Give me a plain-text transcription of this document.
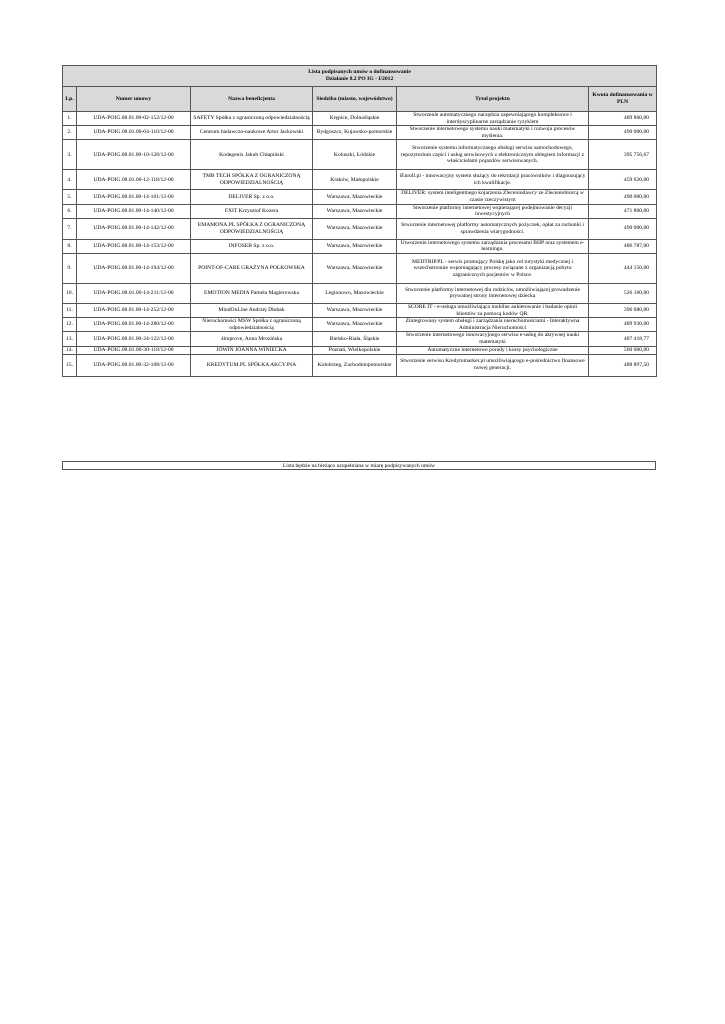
Lista podpisanych umów o dofinansowanie
Działanie 8.2 PO IG - I/2012					

Lp.	Numer umowy	Nazwa beneficjenta	Siedziba (miasto, województwo)	Tytuł projektu	Kwota dofinansowania w PLN
1.	UDA-POIG.08.01.00-02-152/12-00	SAFETY Spółka z ograniczoną odpowiedzialnością	Krępice, Dolnośląskie	Stworzenie automatycznego narzędzia zapewniającego kompleksowe i interdyscyplinarne zarządzanie ryzykiem	489 860,00
2.	UDA-POIG.08.01.00-04-110/12-00	Centrum badawczo-naukowe Artur Jackowski	Bydgoszcz, Kujawsko-pomorskie	Stworzenie internetowego systemu nauki matematyki i rozwoju procesów myślenia.	490 000,00
3.	UDA-POIG.08.01.00-10-128/12-00	Kodegenix Jakub Chłapiński	Koluszki, Łódzkie	Stworzenie systemu informatycznego obsługi serwisu samochodowego, repozytorium części i usług serwisowych z elektronicznym obiegiem informacji z właścicielami pojazdów serwisowanych.	395 756,67
4.	UDA-POIG.08.01.00-12-118/12-00	TMB TECH SPÓŁKA Z OGRANICZONĄ ODPOWIEDZIALNOŚCIĄ	Kraków, Małopolskie	iEnroll.pl - innowacyjny system służący do rekrutacji pracowników i diagnozujący ich kwalifikacje.	459 620,00
5.	UDA-POIG.08.01.00-14-101/12-00	DELIVER Sp. z o.o.	Warszawa, Mazowieckie	DELIVER: system inteligentnego kojarzenia Zleceniodawcy ze Zleceniobiorcą w czasie rzeczywistym	490 000,00
6.	UDA-POIG.08.01.00-14-140/12-00	FXIT Krzysztof Kozera	Warszawa, Mazowieckie	Stworzenie platformy internetowej wspierającej podejmowanie decyzji inwestycyjnych	471 800,00
7.	UDA-POIG.08.01.00-14-142/12-00	EMAMONA.PL SPÓŁKA Z OGRANICZONĄ ODPOWIEDZIALNOŚCIĄ	Warszawa, Mazowieckie	Stworzenie internetowej platformy automatycznych pożyczek, opłat za rachunki i sprawdzenia wiarygodności.	490 000,00
8.	UDA-POIG.08.01.00-14-153/12-00	INFOSEB Sp. z o.o.	Warszawa, Mazowieckie	Utworzenie internetowego systemu zarządzania procesami BHP oraz systemem e-learningu.	486 787,00
9.	UDA-POIG.08.01.00-14-194/12-00	POINT-OF-CARE GRAŻYNA POLKOWSKA	Warszawa, Mazowieckie	MEDTRIP.PL - serwis promujący Polskę jako cel turystyki medycznej i wszechstronnie wspomagający procesy związane z organizacją pobytu zagranicznych pacjentów w Polsce.	444 150,00
10.	UDA-POIG.08.01.00-14-211/12-00	EMOTION MEDIA Pamela Magierowska	Legionowo, Mazowieckie	Stworzenie platformy internetowej dla rodziców, umożliwiającej prowadzenie prywatnej strony internetowej dziecka	526 160,00
11.	UDA-POIG.08.01.00-14-252/12-00	MindOnLine Andrzej Dłubak	Warszawa, Mazowieckie	SCORE IT - e-usługa umożliwiająca mobilne ankietowanie i badanie opinii klientów za pomocą kodów QR.	396 080,00
12.	UDA-POIG.08.01.00-14-280/12-00	Nieruchomości MSW Spółka z ograniczoną odpowiedzialnością	Warszawa, Mazowieckie	Zintegrowany system obsługi i zarządzania nieruchomościami - Interaktywna Administracja Nieruchomości	489 930,00
13.	UDA-POIG.08.01.00-24-122/12-00	4improve, Anna Mrozińska	Bielsko-Biała, Śląskie	Stworzenie internetowego innowacyjnego serwisu e-usług do aktywnej nauki matematyki	487 418,77
14.	UDA-POIG.08.01.00-30-118/12-00	JOWIN JOANNA WINIECKA	Poznań, Wielkopolskie	Automatyczne internetowe porady i kursy psychologiczne	560 000,00
15.	UDA-POIG.08.01.00-32-108/12-00	KREDYTUM.PL SPÓŁKA AKCYJNA	Kołobrzeg, Zachodniopomorskie	Stworzenie serwisu Kredytomarket.pl umożliwiającego e-pośrednictwo finansowe nowej generacji.	488 897,50
Lista będzie na bieżąco uzupełniana w miarę podpisywanych umów
